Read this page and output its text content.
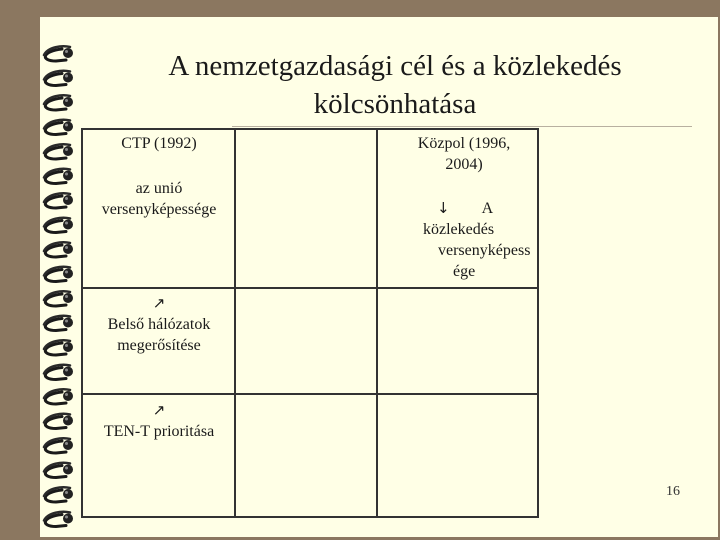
A nemzetgazdasági cél és a közlekedés
kölcsönhatása
CTP (1992)
az unió
versenyképessége
Közpol (1996,
2004)
↓ A
közlekedés
versenyképess
ége
↗
Belső hálózatok
megerősítése
↗
TEN-T prioritása
16
